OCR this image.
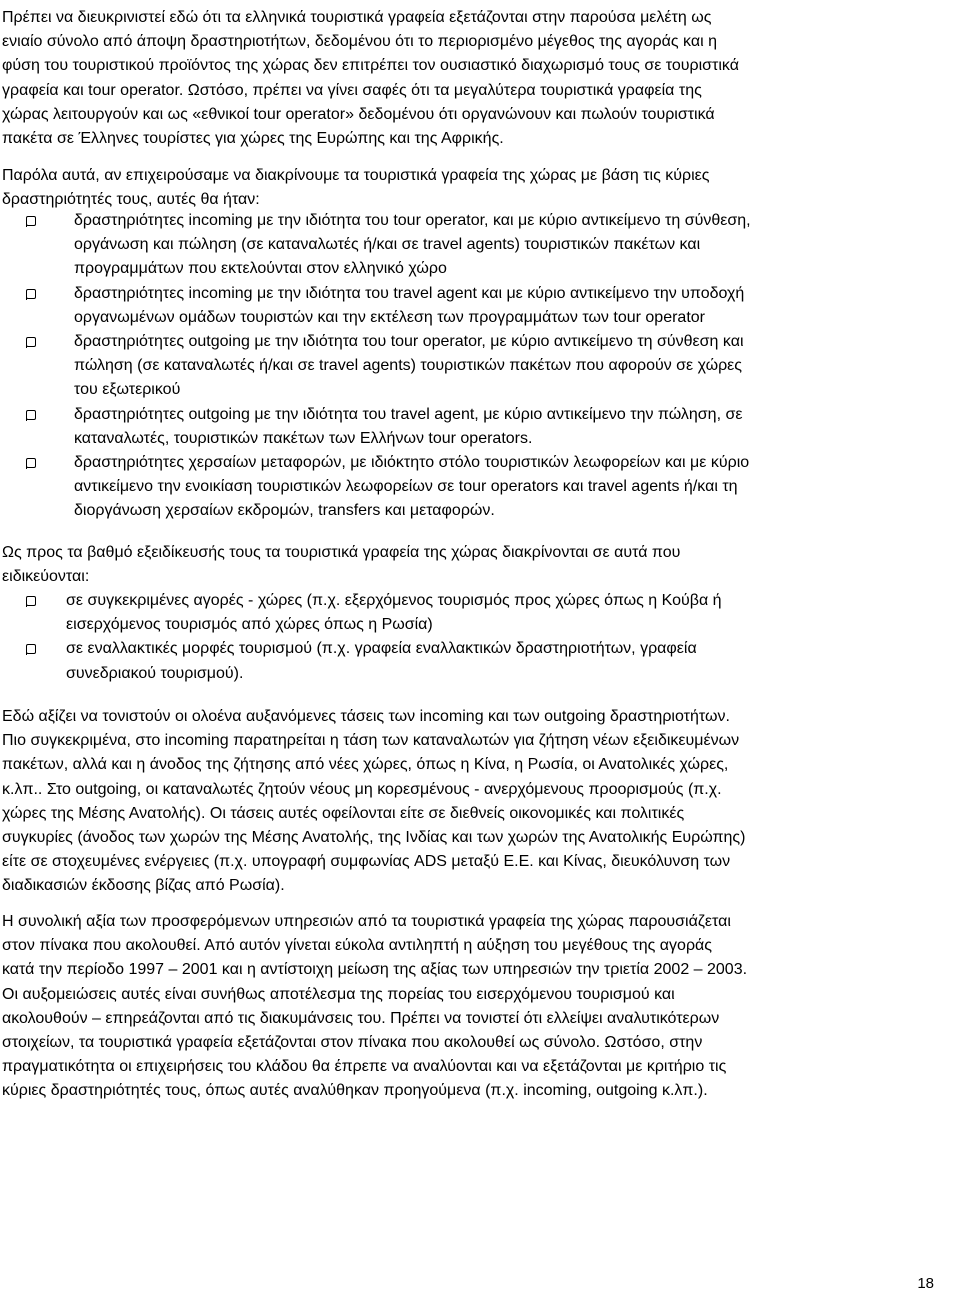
Πρέπει να διευκρινιστεί εδώ ότι τα ελληνικά τουριστικά γραφεία εξετάζονται στην παρούσα μελέτη ως
ενιαίο σύνολο από άποψη δραστηριοτήτων, δεδομένου ότι το περιορισμένο μέγεθος της αγοράς και η
φύση του τουριστικού προϊόντος της χώρας δεν επιτρέπει τον ουσιαστικό διαχωρισμό τους σε τουριστικά
γραφεία και tour operator. Ωστόσο, πρέπει να γίνει σαφές ότι τα μεγαλύτερα τουριστικά γραφεία της
χώρας λειτουργούν και ως «εθνικοί tour operator» δεδομένου ότι οργανώνουν και πωλούν τουριστικά
πακέτα σε Έλληνες τουρίστες για χώρες της Ευρώπης και της Αφρικής.

Παρόλα αυτά, αν επιχειρούσαμε να διακρίνουμε τα τουριστικά γραφεία της χώρας με βάση τις κύριες
δραστηριότητές τους, αυτές θα ήταν:

δραστηριότητες incoming με την ιδιότητα του tour operator, και με κύριο αντικείμενο τη σύνθεση,
οργάνωση και πώληση (σε καταναλωτές ή/και σε travel agents) τουριστικών πακέτων και
προγραμμάτων που εκτελούνται στον ελληνικό χώρο
δραστηριότητες incoming με την ιδιότητα του travel agent και με κύριο αντικείμενο την υποδοχή
οργανωμένων ομάδων τουριστών και την εκτέλεση των προγραμμάτων των tour operator
δραστηριότητες outgoing με την ιδιότητα του tour operator, με κύριο αντικείμενο τη σύνθεση και
πώληση (σε καταναλωτές ή/και σε travel agents) τουριστικών πακέτων που αφορούν σε χώρες
του εξωτερικού
δραστηριότητες outgoing με την ιδιότητα του travel agent, με κύριο αντικείμενο την πώληση, σε
καταναλωτές, τουριστικών πακέτων των Ελλήνων tour operators.
δραστηριότητες χερσαίων μεταφορών, με ιδιόκτητο στόλο τουριστικών λεωφορείων και με κύριο
αντικείμενο την ενοικίαση τουριστικών λεωφορείων σε tour operators και travel agents ή/και τη
διοργάνωση χερσαίων εκδρομών, transfers και μεταφορών.

Ως προς τα βαθμό εξειδίκευσής τους τα τουριστικά γραφεία της χώρας διακρίνονται σε αυτά που
ειδικεύονται:

σε συγκεκριμένες αγορές - χώρες (π.χ. εξερχόμενος τουρισμός προς χώρες όπως η Κούβα ή
εισερχόμενος τουρισμός από χώρες όπως η Ρωσία)
σε εναλλακτικές μορφές τουρισμού (π.χ. γραφεία εναλλακτικών δραστηριοτήτων, γραφεία
συνεδριακού τουρισμού).

Εδώ αξίζει να τονιστούν οι ολοένα αυξανόμενες τάσεις των incoming και των outgoing δραστηριοτήτων.
Πιο συγκεκριμένα, στο incoming παρατηρείται η τάση των καταναλωτών για ζήτηση νέων εξειδικευμένων
πακέτων, αλλά και η άνοδος της ζήτησης από νέες χώρες, όπως η Κίνα, η Ρωσία, οι Ανατολικές χώρες,
κ.λπ.. Στο outgoing, οι καταναλωτές ζητούν νέους μη κορεσμένους - ανερχόμενους προορισμούς (π.χ.
χώρες της Μέσης Ανατολής). Οι τάσεις αυτές οφείλονται είτε σε διεθνείς οικονομικές και πολιτικές
συγκυρίες (άνοδος των χωρών της Μέσης Ανατολής, της Ινδίας και των χωρών της Ανατολικής Ευρώπης)
είτε σε στοχευμένες ενέργειες (π.χ. υπογραφή συμφωνίας ADS μεταξύ Ε.Ε. και Κίνας, διευκόλυνση των
διαδικασιών έκδοσης βίζας από Ρωσία).

Η συνολική αξία των προσφερόμενων υπηρεσιών από τα τουριστικά γραφεία της χώρας παρουσιάζεται
στον πίνακα που ακολουθεί. Από αυτόν γίνεται εύκολα αντιληπτή η αύξηση του μεγέθους της αγοράς
κατά την περίοδο 1997 – 2001 και η αντίστοιχη μείωση της αξίας των υπηρεσιών την τριετία 2002 – 2003.
Οι αυξομειώσεις αυτές είναι συνήθως αποτέλεσμα της πορείας του εισερχόμενου τουρισμού και
ακολουθούν – επηρεάζονται από τις διακυμάνσεις του. Πρέπει να τονιστεί ότι ελλείψει αναλυτικότερων
στοιχείων, τα τουριστικά γραφεία εξετάζονται στον πίνακα που ακολουθεί ως σύνολο. Ωστόσο, στην
πραγματικότητα οι επιχειρήσεις του κλάδου θα έπρεπε να αναλύονται και να εξετάζονται με κριτήριο τις
κύριες δραστηριότητές τους, όπως αυτές αναλύθηκαν προηγούμενα (π.χ. incoming, outgoing κ.λπ.).

18
